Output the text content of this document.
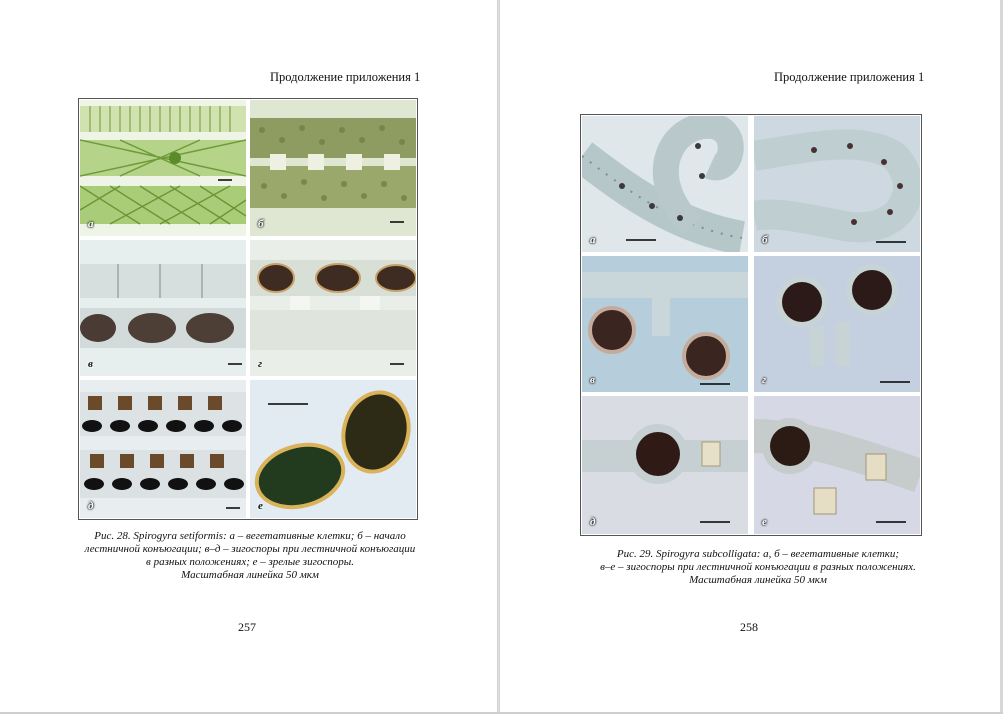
Продолжение приложения 1
а	б
в	г
д	е
Рис. 28. Spirogyra setiformis: а – вегетативные клетки; б – начало
лестничной конъюгации; в–д – зигоспоры при лестничной конъюгации
в разных положениях; е – зрелые зигоспоры.
Масштабная линейка 50 мкм
257
Продолжение приложения 1
а	б
в	г
д	е
Рис. 29. Spirogyra subcolligata: а, б – вегетативные клетки;
в–е – зигоспоры при лестничной конъюгации в разных положениях.
Масштабная линейка 50 мкм
258
